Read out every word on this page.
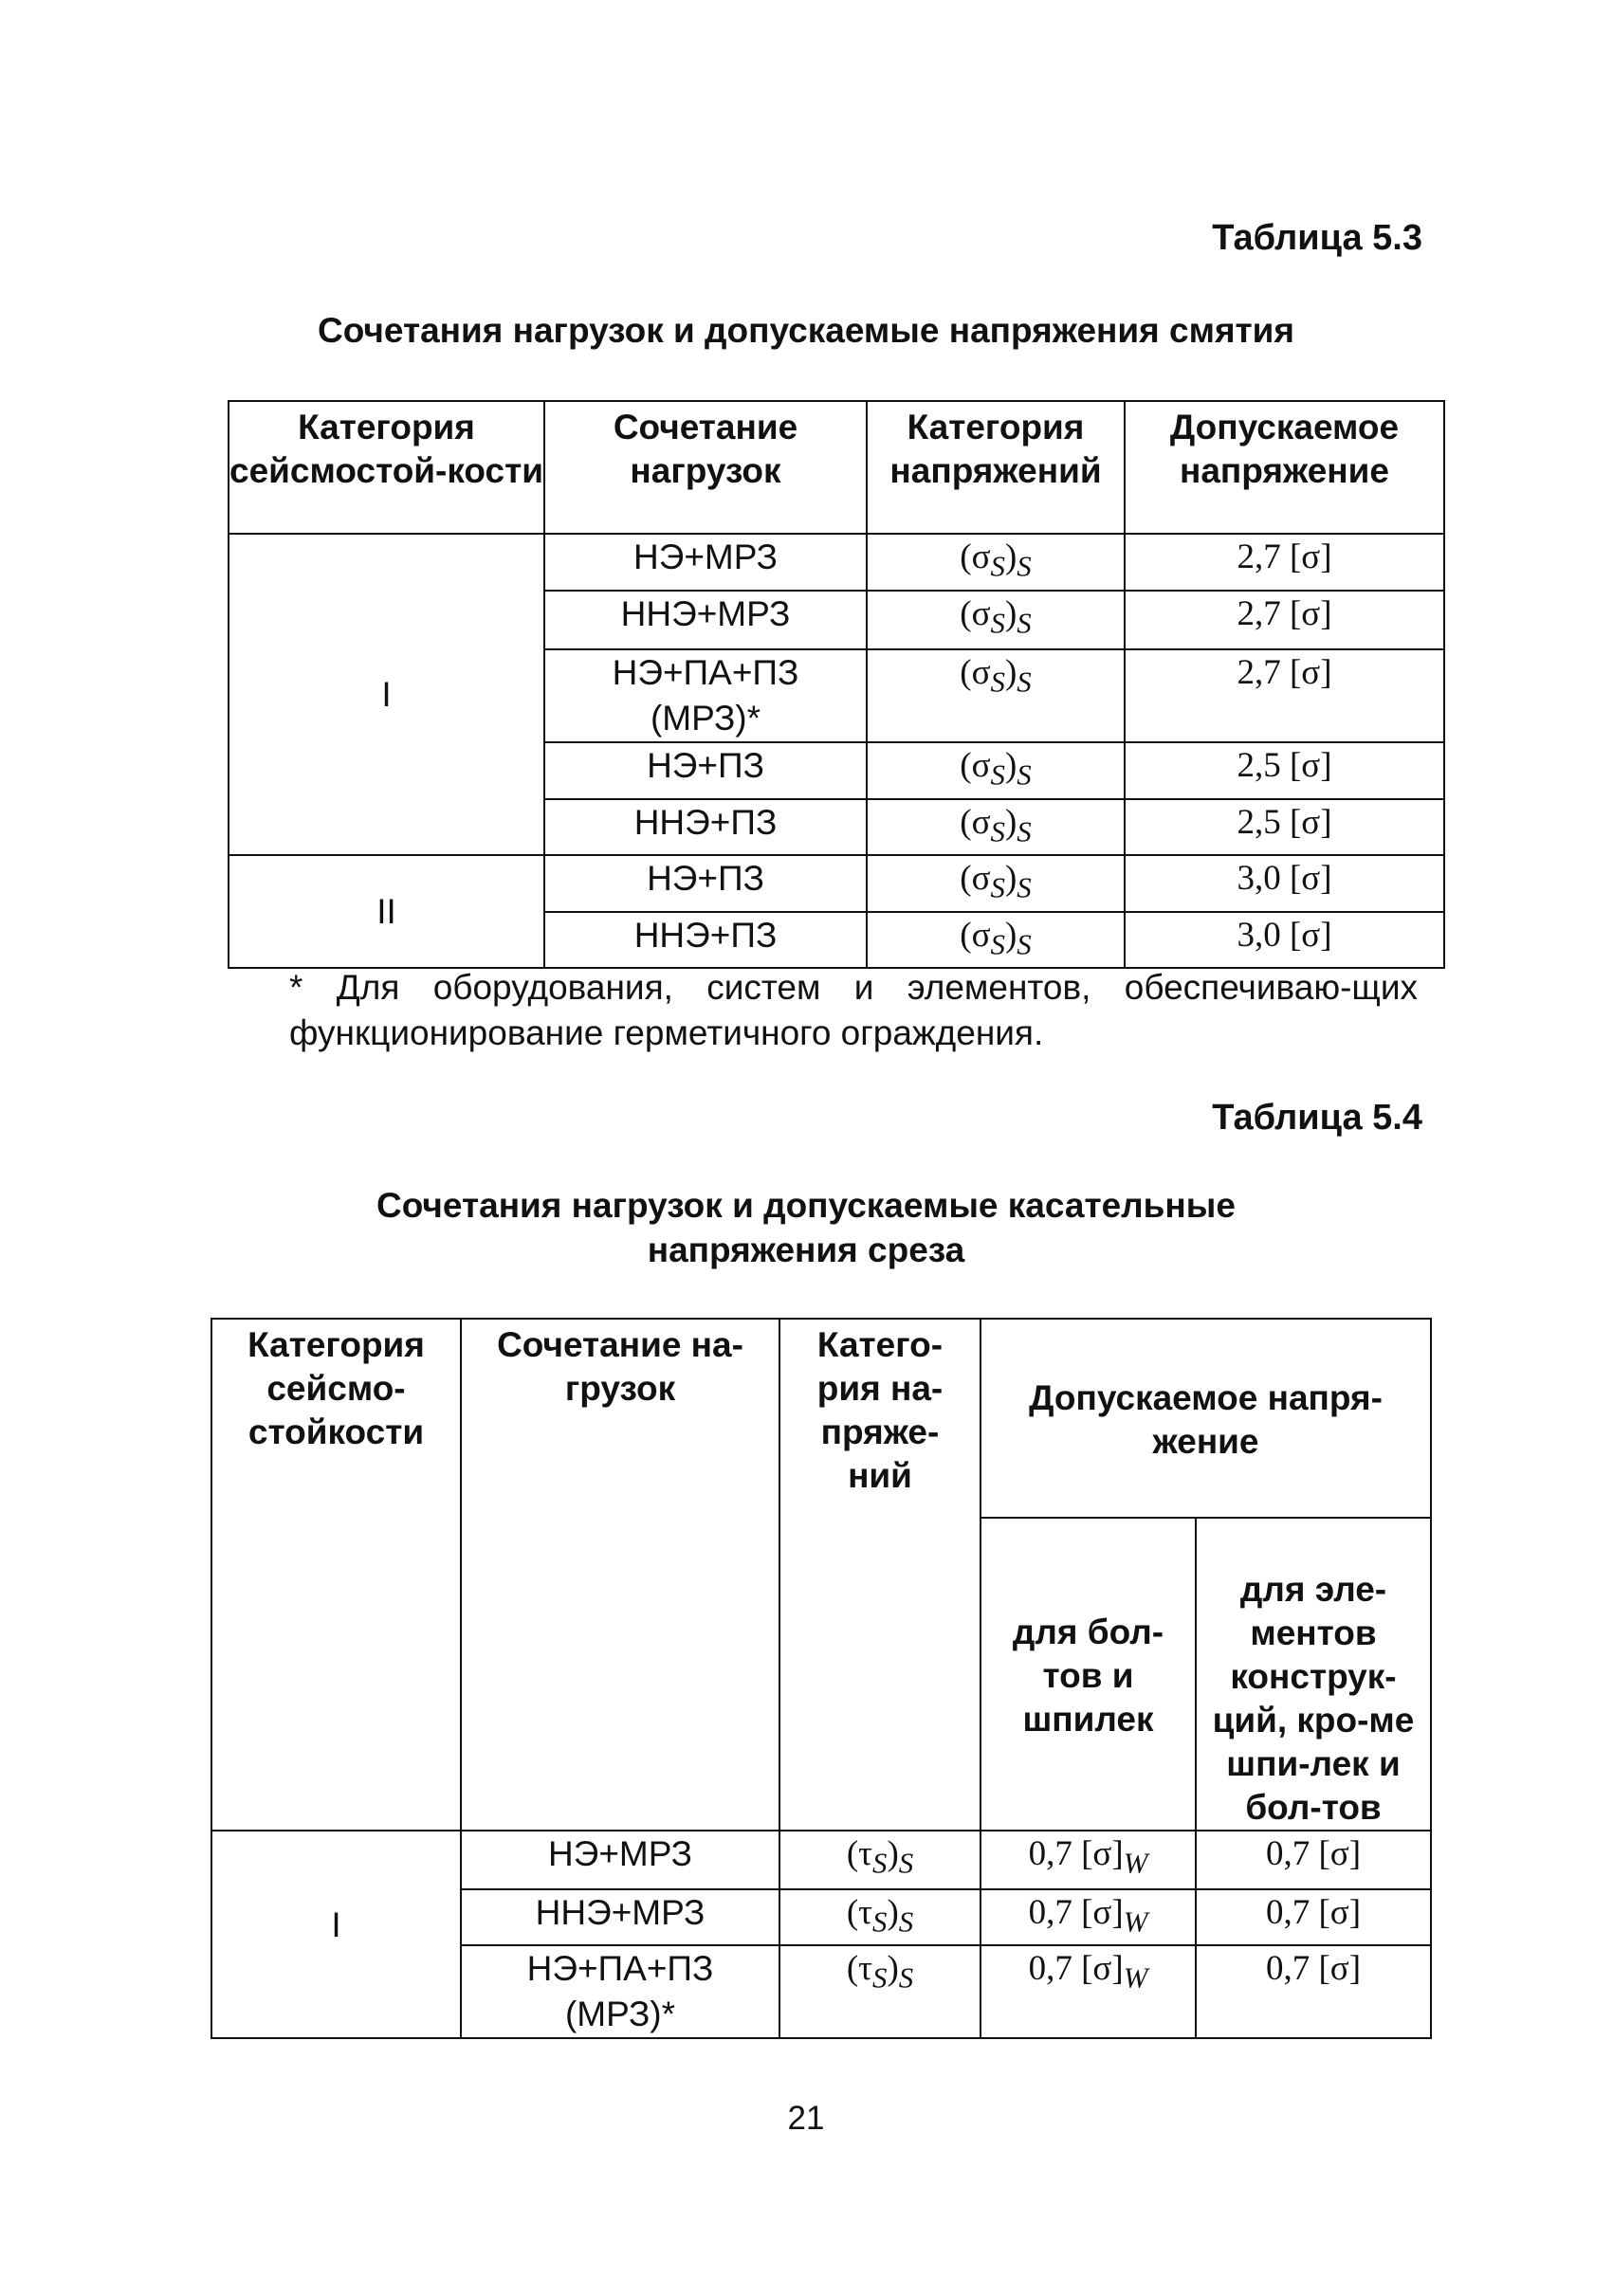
Таблица 5.3
Сочетания нагрузок и допускаемые напряжения смятия
Категория сейсмостой-кости	Сочетание нагрузок	Категория напряжений	Допускаемое напряжение
I	НЭ+МРЗ	$(\sigma_S)_S$	2,7 [σ]
	ННЭ+МРЗ	$(\sigma_S)_S$	2,7 [σ]
	НЭ+ПА+ПЗ (МРЗ)*	$(\sigma_S)_S$	2,7 [σ]
	НЭ+ПЗ	$(\sigma_S)_S$	2,5 [σ]
	ННЭ+ПЗ	$(\sigma_S)_S$	2,5 [σ]
II	НЭ+ПЗ	$(\sigma_S)_S$	3,0 [σ]
	ННЭ+ПЗ	$(\sigma_S)_S$	3,0 [σ]
* Для оборудования, систем и элементов, обеспечиваю-щих функционирование герметичного ограждения.
Таблица 5.4
Сочетания нагрузок и допускаемые касательные
напряжения среза
Категория сейсмо-стойкости	Сочетание на-грузок	Катего-рия на-пряже-ний	Допускаемое напря-жение	
			для бол-тов и шпилек	для эле-ментов конструк-ций, кро-ме шпи-лек и бол-тов
I	НЭ+МРЗ	$(\tau_S)_S$	0,7 $[\sigma]_W$	0,7 [σ]
	ННЭ+МРЗ	$(\tau_S)_S$	0,7 $[\sigma]_W$	0,7 [σ]
	НЭ+ПА+ПЗ (МРЗ)*	$(\tau_S)_S$	0,7 $[\sigma]_W$	0,7 [σ]
21
